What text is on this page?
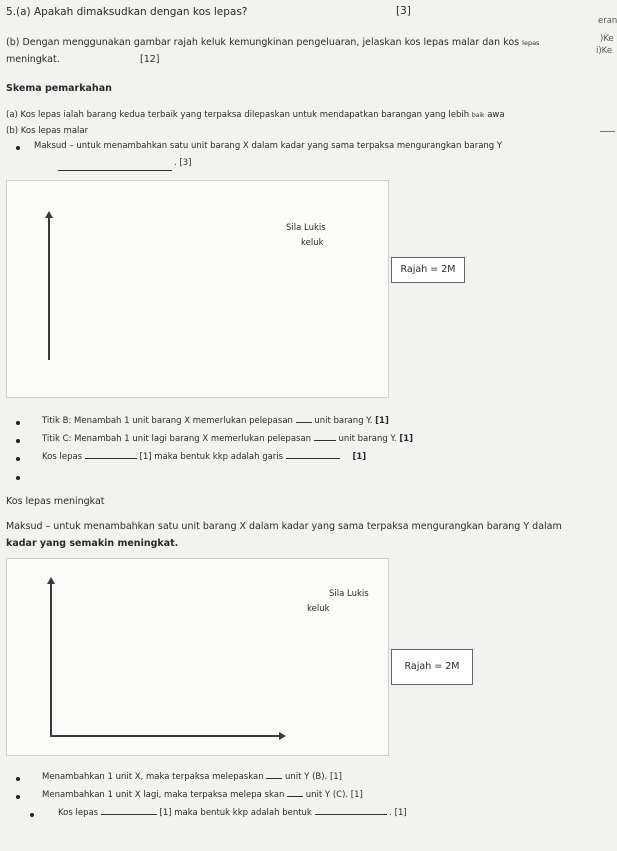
5.(a) Apakah dimaksudkan dengan kos lepas?	[3]
eran
)Ke
i)Ke
(b) Dengan menggunakan gambar rajah keluk kemungkinan pengeluaran, jelaskan kos lepas malar dan kos lepas
meningkat.	[12]
Skema pemarkahan
(a) Kos lepas ialah barang kedua terbaik yang terpaksa dilepaskan untuk mendapatkan barangan yang lebih baik awa
(b) Kos lepas malar
Maksud – untuk menambahkan satu unit barang X dalam kadar yang sama terpaksa mengurangkan barang Y
. [3]
Sila Lukis
keluk
Rajah = 2M
Titik B: Menambah 1 unit barang X memerlukan pelepasan	unit barang Y. [1]
Titik C: Menambah 1 unit lagi barang X memerlukan pelepasan	unit barang Y. [1]
Kos lepas	[1] maka bentuk kkp adalah garis	[1]
Kos lepas meningkat
Maksud – untuk menambahkan satu unit barang X dalam kadar yang sama terpaksa mengurangkan barang Y dalam
kadar yang semakin meningkat.
Sila Lukis
keluk
Rajah = 2M
Menambahkan 1 unit X, maka terpaksa melepaskan	unit Y (B). [1]
Menambahkan 1 unit X lagi, maka terpaksa melepa skan	unit Y (C). [1]
Kos lepas	[1] maka bentuk kkp adalah bentuk	. [1]
